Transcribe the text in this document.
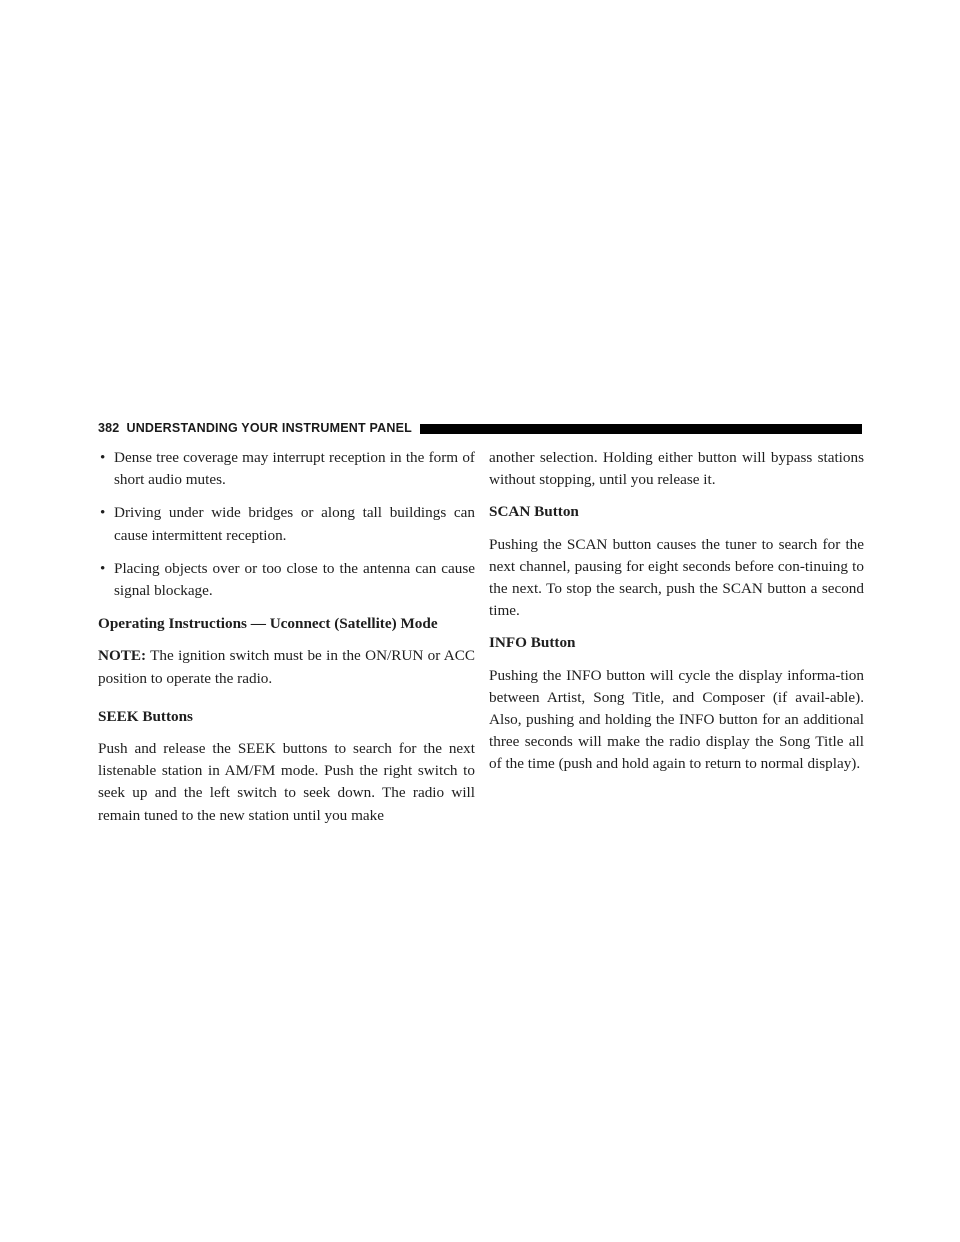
382 UNDERSTANDING YOUR INSTRUMENT PANEL
• Dense tree coverage may interrupt reception in the form of short audio mutes.
• Driving under wide bridges or along tall buildings can cause intermittent reception.
• Placing objects over or too close to the antenna can cause signal blockage.
Operating Instructions — Uconnect (Satellite) Mode

NOTE: The ignition switch must be in the ON/RUN or ACC position to operate the radio.

SEEK Buttons

Push and release the SEEK buttons to search for the next listenable station in AM/FM mode. Push the right switch to seek up and the left switch to seek down. The radio will remain tuned to the new station until you make

another selection. Holding either button will bypass stations without stopping, until you release it.

SCAN Button

Pushing the SCAN button causes the tuner to search for the next channel, pausing for eight seconds before con-tinuing to the next. To stop the search, push the SCAN button a second time.

INFO Button

Pushing the INFO button will cycle the display informa-tion between Artist, Song Title, and Composer (if avail-able). Also, pushing and holding the INFO button for an additional three seconds will make the radio display the Song Title all of the time (push and hold again to return to normal display).
